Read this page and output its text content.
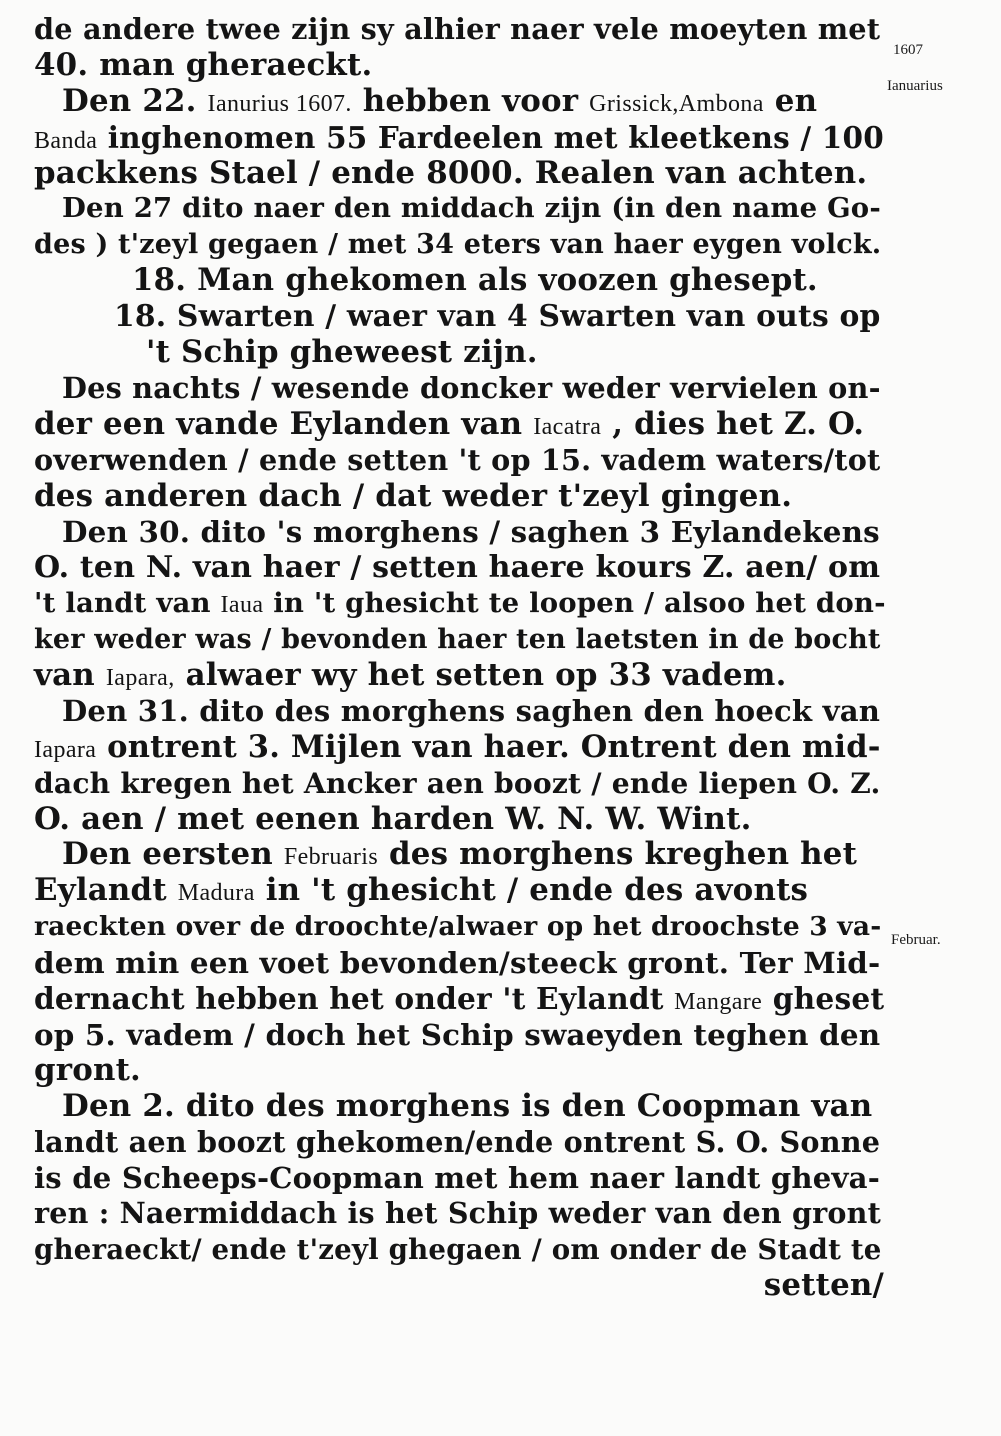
1607
Ianuarius
Februar.
de andere twee zijn sy alhier naer vele moeyten met
40. man gheraeckt.
Den 22. Ianurius 1607. hebben voor Grissick,Ambona en
Banda inghenomen 55 Fardeelen met kleetkens / 100
packkens Stael / ende 8000. Realen van achten.
Den 27 dito naer den middach zijn (in den name Go-
des ) t'zeyl gegaen / met 34 eters van haer eygen volck.
18. Man ghekomen als voozen ghesept.
18. Swarten / waer van 4 Swarten van outs op
't Schip gheweest zijn.
Des nachts / wesende doncker weder vervielen on-
der een vande Eylanden van Iacatra , dies het Z. O.
overwenden / ende setten 't op 15. vadem waters/tot
des anderen dach / dat weder t'zeyl gingen.
Den 30. dito 's morghens / saghen 3 Eylandekens
O. ten N. van haer / setten haere kours Z. aen/ om
't landt van Iaua in 't ghesicht te loopen / alsoo het don-
ker weder was / bevonden haer ten laetsten in de bocht
van Iapara, alwaer wy het setten op 33 vadem.
Den 31. dito des morghens saghen den hoeck van
Iapara ontrent 3. Mijlen van haer. Ontrent den mid-
dach kregen het Ancker aen boozt / ende liepen O. Z.
O. aen / met eenen harden W. N. W. Wint.
Den eersten Februaris des morghens kreghen het
Eylandt Madura in 't ghesicht / ende des avonts
raeckten over de droochte/alwaer op het droochste 3 va-
dem min een voet bevonden/steeck gront. Ter Mid-
dernacht hebben het onder 't Eylandt Mangare gheset
op 5. vadem / doch het Schip swaeyden teghen den
gront.
Den 2. dito des morghens is den Coopman van
landt aen boozt ghekomen/ende ontrent S. O. Sonne
is de Scheeps-Coopman met hem naer landt gheva-
ren : Naermiddach is het Schip weder van den gront
gheraeckt/ ende t'zeyl ghegaen / om onder de Stadt te
setten/
